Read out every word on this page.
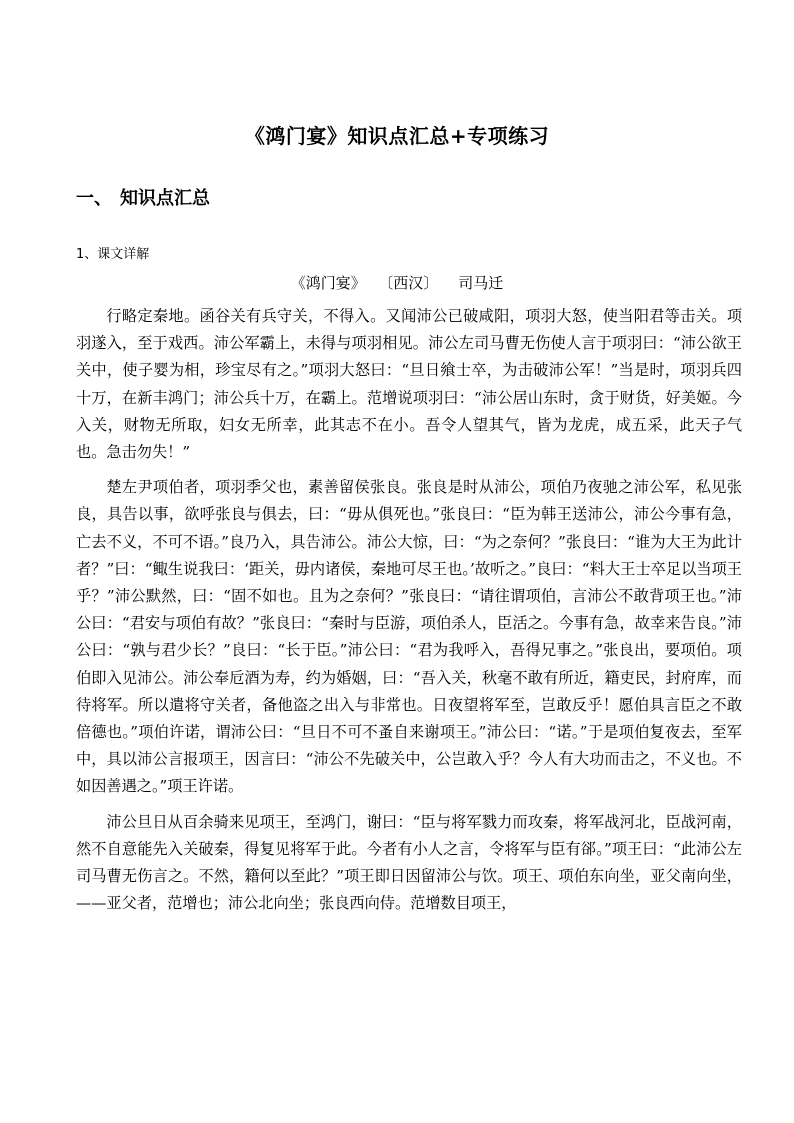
《鸿门宴》知识点汇总+专项练习
一、 知识点汇总
1、课文详解
《鸿门宴》 〔西汉〕 司马迁

行略定秦地。函谷关有兵守关，不得入。又闻沛公已破咸阳，项羽大怒，使当阳君等击关。项羽遂入，至于戏西。沛公军霸上，未得与项羽相见。沛公左司马曹无伤使人言于项羽曰：“沛公欲王关中，使子婴为相，珍宝尽有之。”项羽大怒曰：“旦日飨士卒，为击破沛公军！”当是时，项羽兵四十万，在新丰鸿门；沛公兵十万，在霸上。范增说项羽曰：“沛公居山东时，贪于财货，好美姬。今入关，财物无所取，妇女无所幸，此其志不在小。吾令人望其气，皆为龙虎，成五采，此天子气也。急击勿失！”

楚左尹项伯者，项羽季父也，素善留侯张良。张良是时从沛公，项伯乃夜驰之沛公军，私见张良，具告以事，欲呼张良与俱去，曰：“毋从俱死也。”张良曰：“臣为韩王送沛公，沛公今事有急，亡去不义，不可不语。”良乃入，具告沛公。沛公大惊，曰：“为之奈何？”张良曰：“谁为大王为此计者？”曰：“鲰生说我曰：‘距关，毋内诸侯，秦地可尽王也。’故听之。”良曰：“料大王士卒足以当项王乎？”沛公默然，曰：“固不如也。且为之奈何？”张良曰：“请往谓项伯，言沛公不敢背项王也。”沛公曰：“君安与项伯有故？”张良曰：“秦时与臣游，项伯杀人，臣活之。今事有急，故幸来告良。”沛公曰：“孰与君少长？”良曰：“长于臣。”沛公曰：“君为我呼入，吾得兄事之。”张良出，要项伯。项伯即入见沛公。沛公奉卮酒为寿，约为婚姻，曰：“吾入关，秋毫不敢有所近，籍吏民，封府库，而待将军。所以遣将守关者，备他盗之出入与非常也。日夜望将军至，岂敢反乎！愿伯具言臣之不敢倍德也。”项伯许诺，谓沛公曰：“旦日不可不蚤自来谢项王。”沛公曰：“诺。”于是项伯复夜去，至军中，具以沛公言报项王，因言曰：“沛公不先破关中，公岂敢入乎？今人有大功而击之，不义也。不如因善遇之。”项王许诺。

沛公旦日从百余骑来见项王，至鸿门，谢曰：“臣与将军戮力而攻秦，将军战河北，臣战河南，然不自意能先入关破秦，得复见将军于此。今者有小人之言，令将军与臣有郤。”项王曰：“此沛公左司马曹无伤言之。不然，籍何以至此？”项王即日因留沛公与饮。项王、项伯东向坐，亚父南向坐，——亚父者，范增也；沛公北向坐；张良西向侍。范增数目项王，
